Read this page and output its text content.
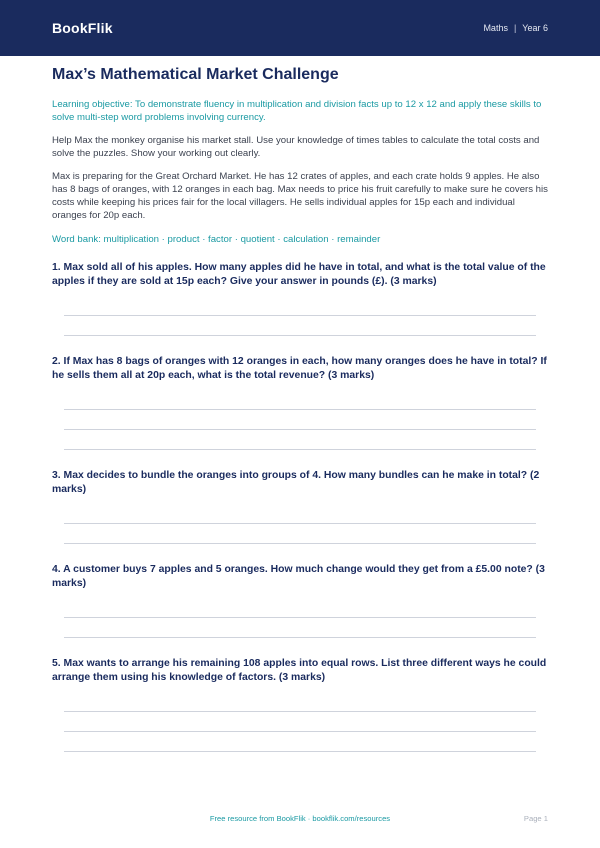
BookFlik	Maths | Year 6
Max’s Mathematical Market Challenge

Learning objective: To demonstrate fluency in multiplication and division facts up to 12 x 12 and apply these skills to solve multi-step word problems involving currency.

Help Max the monkey organise his market stall. Use your knowledge of times tables to calculate the total costs and solve the puzzles. Show your working out clearly.

Max is preparing for the Great Orchard Market. He has 12 crates of apples, and each crate holds 9 apples. He also has 8 bags of oranges, with 12 oranges in each bag. Max needs to price his fruit carefully to make sure he covers his costs while keeping his prices fair for the local villagers. He sells individual apples for 15p each and individual oranges for 20p each.

Word bank: multiplication · product · factor · quotient · calculation · remainder

1. Max sold all of his apples. How many apples did he have in total, and what is the total value of the apples if they are sold at 15p each? Give your answer in pounds (£). (3 marks)

2. If Max has 8 bags of oranges with 12 oranges in each, how many oranges does he have in total? If he sells them all at 20p each, what is the total revenue? (3 marks)

3. Max decides to bundle the oranges into groups of 4. How many bundles can he make in total? (2 marks)

4. A customer buys 7 apples and 5 oranges. How much change would they get from a £5.00 note? (3 marks)

5. Max wants to arrange his remaining 108 apples into equal rows. List three different ways he could arrange them using his knowledge of factors. (3 marks)

Free resource from BookFlik · bookflik.com/resources	Page 1
